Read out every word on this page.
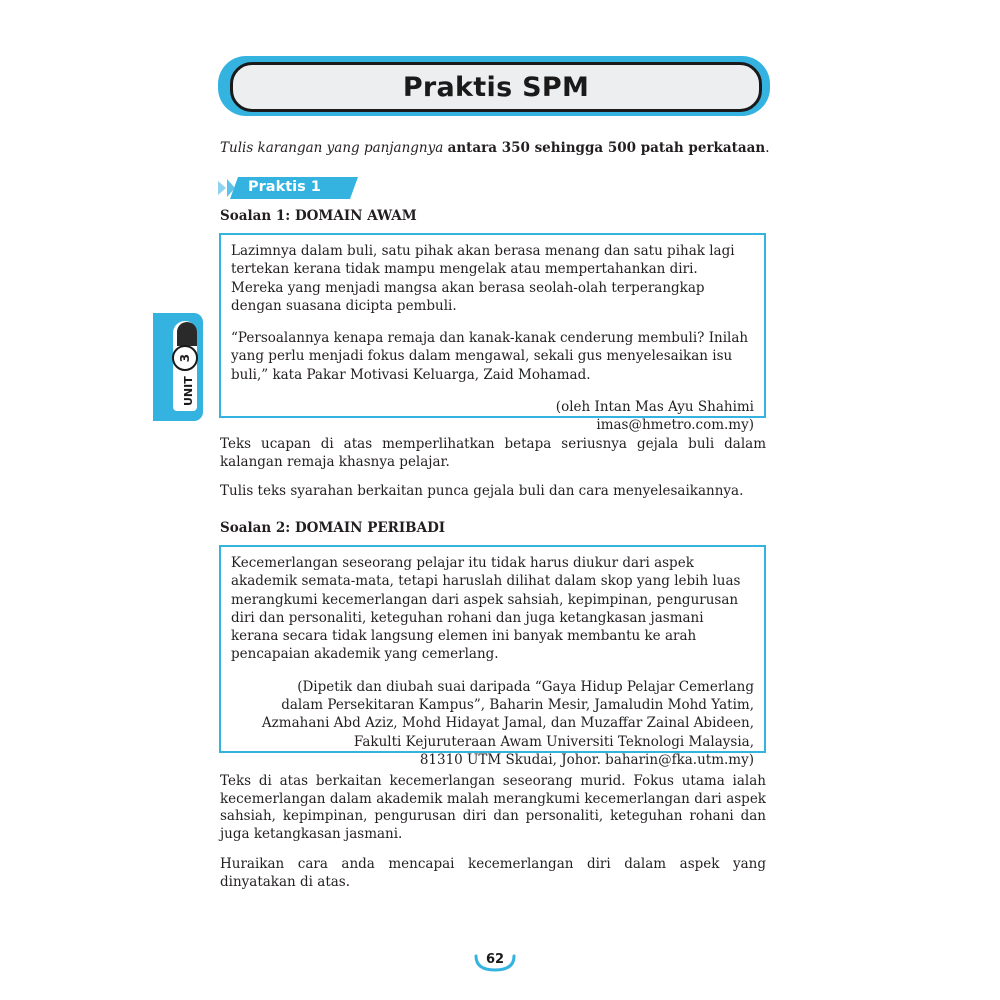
Praktis SPM
Tulis karangan yang panjangnya antara 350 sehingga 500 patah perkataan.
Praktis 1
Soalan 1: DOMAIN AWAM

Lazimnya dalam buli, satu pihak akan berasa menang dan satu pihak lagi tertekan kerana tidak mampu mengelak atau mempertahankan diri. Mereka yang menjadi mangsa akan berasa seolah-olah terperangkap dengan suasana dicipta pembuli.

“Persoalannya kenapa remaja dan kanak-kanak cenderung membuli? Inilah yang perlu menjadi fokus dalam mengawal, sekali gus menyelesaikan isu buli,” kata Pakar Motivasi Keluarga, Zaid Mohamad.

(oleh Intan Mas Ayu Shahimi
imas@hmetro.com.my)

Teks ucapan di atas memperlihatkan betapa seriusnya gejala buli dalam kalangan remaja khasnya pelajar.

Tulis teks syarahan berkaitan punca gejala buli dan cara menyelesaikannya.

Soalan 2: DOMAIN PERIBADI

Kecemerlangan seseorang pelajar itu tidak harus diukur dari aspek akademik semata-mata, tetapi haruslah dilihat dalam skop yang lebih luas merangkumi kecemerlangan dari aspek sahsiah, kepimpinan, pengurusan diri dan personaliti, keteguhan rohani dan juga ketangkasan jasmani kerana secara tidak langsung elemen ini banyak membantu ke arah pencapaian akademik yang cemerlang.

(Dipetik dan diubah suai daripada “Gaya Hidup Pelajar Cemerlang
dalam Persekitaran Kampus”, Baharin Mesir, Jamaludin Mohd Yatim,
Azmahani Abd Aziz, Mohd Hidayat Jamal, dan Muzaffar Zainal Abideen,
Fakulti Kejuruteraan Awam Universiti Teknologi Malaysia,
81310 UTM Skudai, Johor. baharin@fka.utm.my)

Teks di atas berkaitan kecemerlangan seseorang murid. Fokus utama ialah kecemerlangan dalam akademik malah merangkumi kecemerlangan dari aspek sahsiah, kepimpinan, pengurusan diri dan personaliti, keteguhan rohani dan juga ketangkasan jasmani.

Huraikan cara anda mencapai kecemerlangan diri dalam aspek yang dinyatakan di atas.

3
UNIT
62
